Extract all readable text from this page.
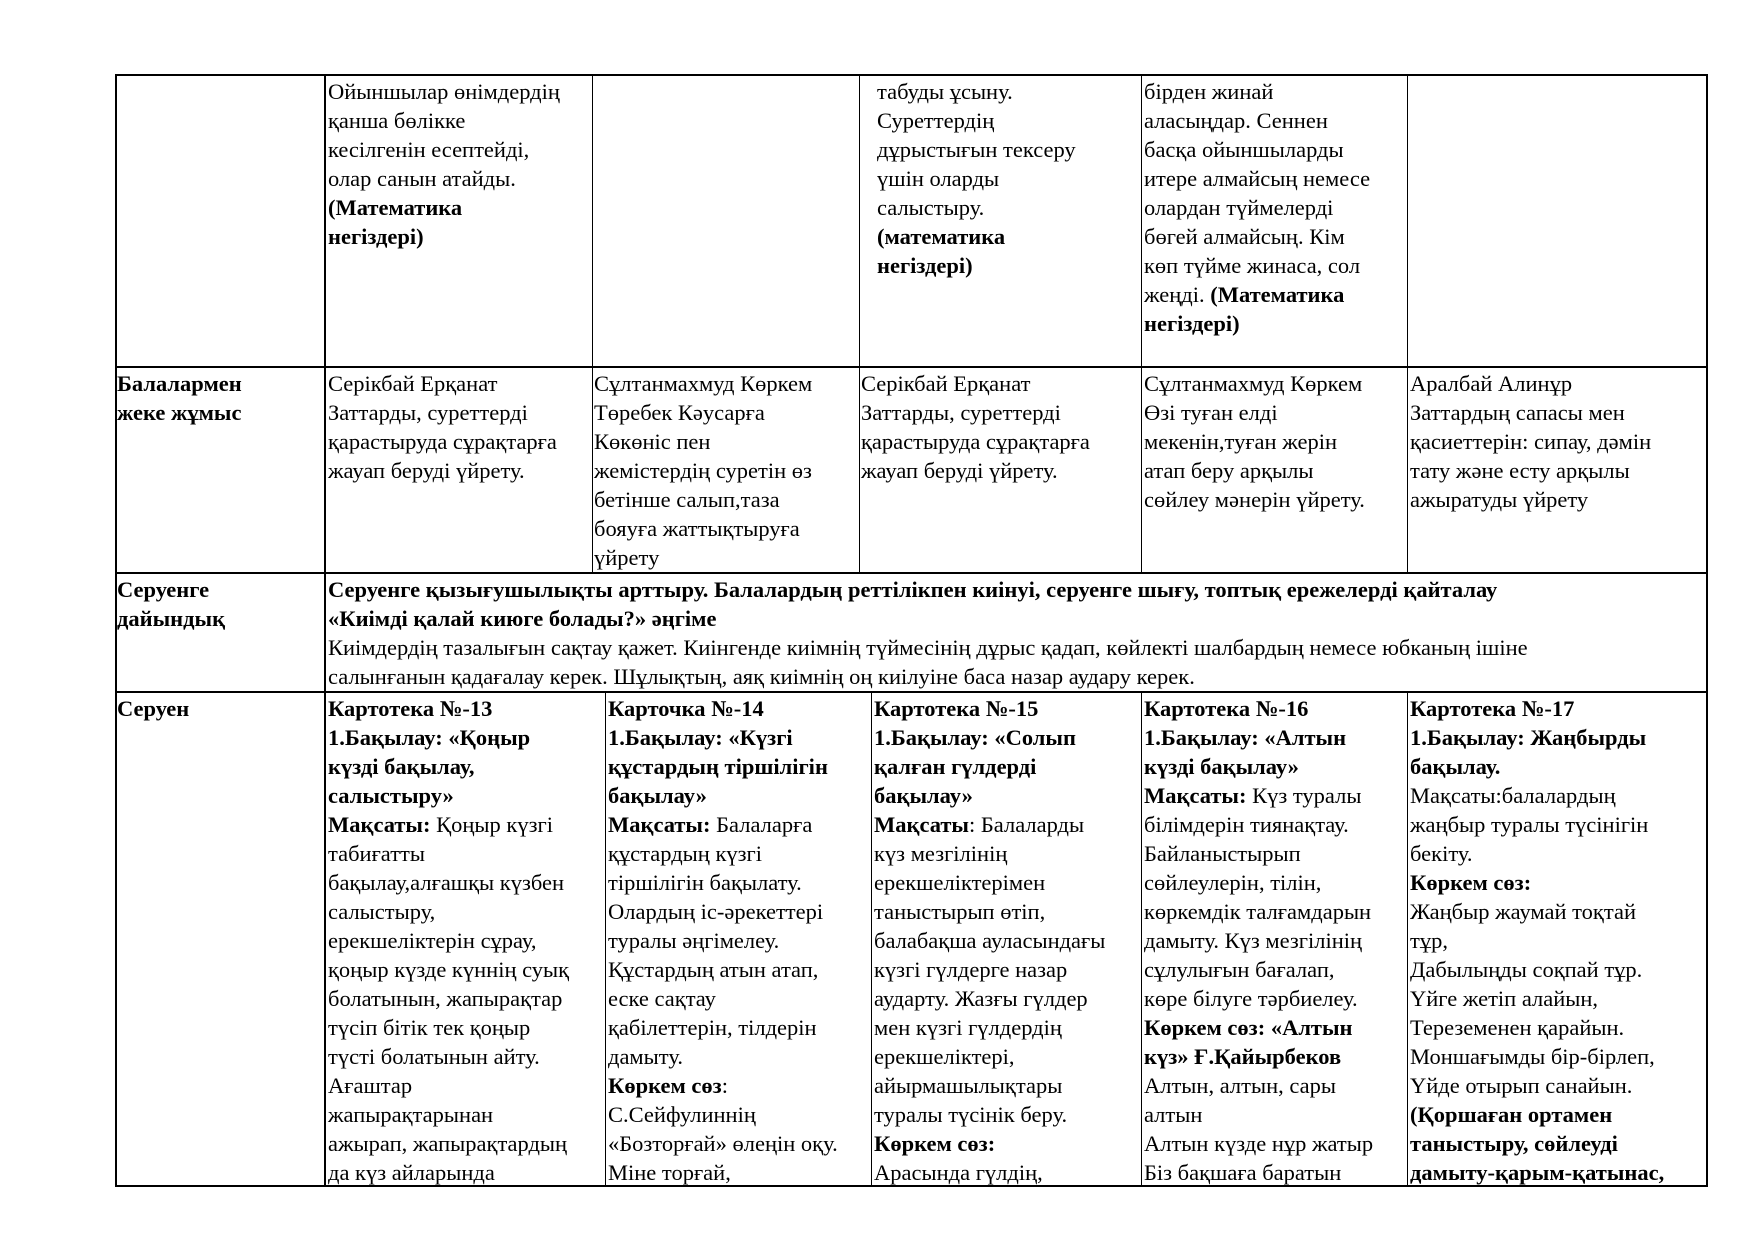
Ойыншылар өнімдердің
қанша бөлікке
кесілгенін есептейді,
олар санын атайды.
(Математика
негіздері)
табуды ұсыну.
Суреттердің
дұрыстығын тексеру
үшін оларды
салыстыру.
(математика
негіздері)
бірден жинай
аласыңдар. Сеннен
басқа ойыншыларды
итере алмайсың немесе
олардан түймелерді
бөгей алмайсың. Кім
көп түйме жинаса, сол
жеңді. (Математика
негіздері)
Балалармен
жеке жұмыс
Серікбай Ерқанат
Заттарды, суреттерді
қарастыруда сұрақтарға
жауап беруді үйрету.
Сұлтанмахмуд Көркем
Төребек Кәусарға
Көкөніс пен
жемістердің суретін өз
бетінше салып,таза
бояуға жаттықтыруға
үйрету
Серікбай Ерқанат
Заттарды, суреттерді
қарастыруда сұрақтарға
жауап беруді үйрету.
Сұлтанмахмуд Көркем
Өзі туған елді
мекенін,туған жерін
атап беру арқылы
сөйлеу мәнерін үйрету.
Аралбай Алинұр
Заттардың сапасы мен
қасиеттерін: сипау, дәмін
тату және есту арқылы
ажыратуды үйрету
Серуенге
дайындық
Серуенге қызығушылықты арттыру. Балалардың реттілікпен киінуі, серуенге шығу, топтық ережелерді қайталау
«Киімді қалай киюге болады?» әңгіме
Киімдердің тазалығын сақтау қажет. Киінгенде киімнің түймесінің дұрыс қадап, көйлекті шалбардың немесе юбканың ішіне
салынғанын қадағалау керек. Шұлықтың, аяқ киімнің оң киілуіне баса назар аудару керек.
Серуен	Картотека №-13
1.Бақылау: «Қоңыр
күзді бақылау,
салыстыру»
Мақсаты: Қоңыр күзгі
табиғатты
бақылау,алғашқы күзбен
салыстыру,
ерекшеліктерін сұрау,
қоңыр күзде күннің суық
болатынын, жапырақтар
түсіп бітік тек қоңыр
түсті болатынын айту.
Ағаштар
жапырақтарынан
ажырап, жапырақтардың
да күз айларында
Карточка №-14
1.Бақылау: «Күзгі
құстардың тіршілігін
бақылау»
Мақсаты: Балаларға
құстардың күзгі
тіршілігін бақылату.
Олардың іс-әрекеттері
туралы әңгімелеу.
Құстардың атын атап,
еске сақтау
қабілеттерін, тілдерін
дамыту.
Көркем сөз:
С.Сейфулиннің
«Бозторғай» өлеңін оқу.
Міне торғай,
Картотека №-15
1.Бақылау: «Солып
қалған гүлдерді
бақылау»
Мақсаты: Балаларды
күз мезгілінің
ерекшеліктерімен
таныстырып өтіп,
балабақша ауласындағы
күзгі гүлдерге назар
аударту. Жазғы гүлдер
мен күзгі гүлдердің
ерекшеліктері,
айырмашылықтары
туралы түсінік беру.
Көркем сөз:
Арасында гүлдің,
Картотека №-16
1.Бақылау: «Алтын
күзді бақылау»
Мақсаты: Күз туралы
білімдерін тиянақтау.
Байланыстырып
сөйлеулерін, тілін,
көркемдік талғамдарын
дамыту. Күз мезгілінің
сұлулығын бағалап,
көре білуге тәрбиелеу.
Көркем сөз: «Алтын
күз» Ғ.Қайырбеков
Алтын, алтын, сары
алтын
Алтын күзде нұр жатыр
Біз бақшаға баратын
Картотека №-17
1.Бақылау: Жаңбырды
бақылау.
Мақсаты:балалардың
жаңбыр туралы түсінігін
бекіту.
Көркем сөз:
Жаңбыр жаумай тоқтай
тұр,
Дабылыңды соқпай тұр.
Үйге жетіп алайын,
Тереземенен қарайын.
Моншағымды бір-бірлеп,
Үйде отырып санайын.
(Қоршаған ортамен
таныстыру, сөйлеуді
дамыту-қарым-қатынас,
